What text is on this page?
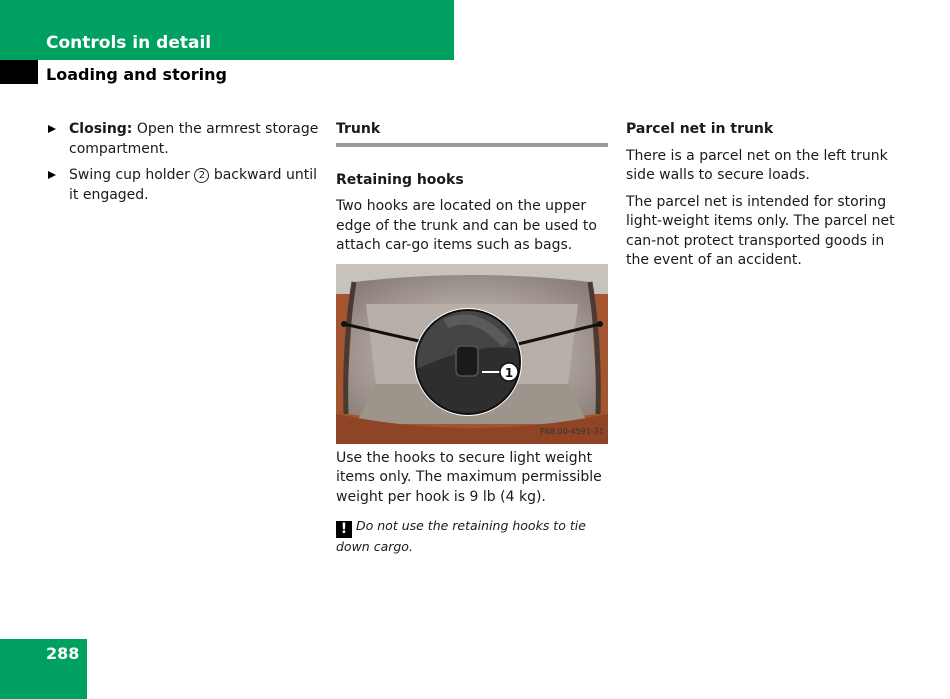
Controls in detail
Loading and storing
Closing: Open the armrest storage compartment.
Swing cup holder 2 backward until it engaged.
Trunk
Retaining hooks

Two hooks are located on the upper edge of the trunk and can be used to attach car-go items such as bags.

1
P68.00-4591-31

Use the hooks to secure light weight items only. The maximum permissible weight per hook is 9 lb (4 kg).

! Do not use the retaining hooks to tie down cargo.
Parcel net in trunk

There is a parcel net on the left trunk side walls to secure loads.

The parcel net is intended for storing light-weight items only. The parcel net can-not protect transported goods in the event of an accident.

288
